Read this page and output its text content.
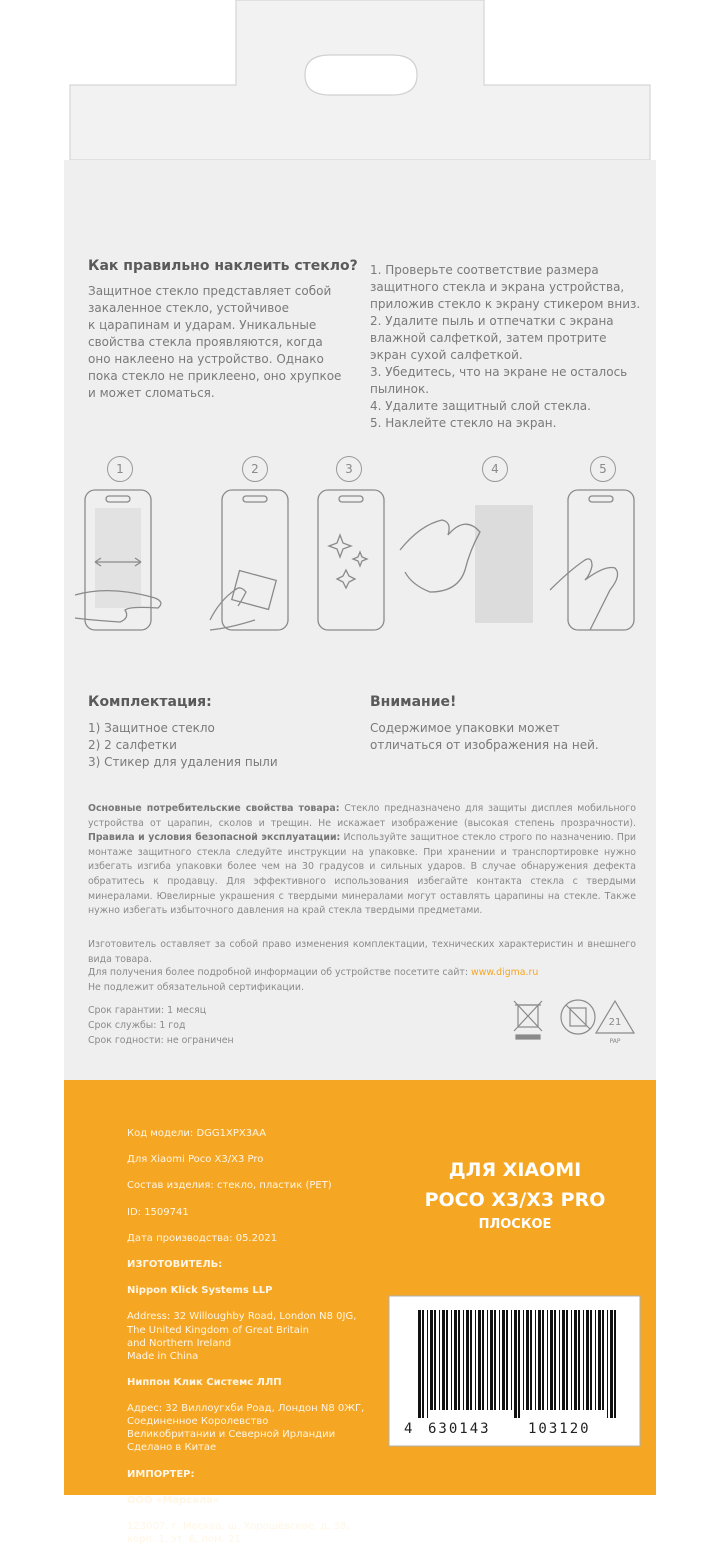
Как правильно наклеить стекло?
Защитное стекло представляет собой
закаленное стекло, устойчивое
к царапинам и ударам. Уникальные
свойства стекла проявляются, когда
оно наклеено на устройство. Однако
пока стекло не приклеено, оно хрупкое
и может сломаться.
1. Проверьте соответствие размера
защитного стекла и экрана устройства,
приложив стекло к экрану стикером вниз.
2. Удалите пыль и отпечатки с экрана
влажной салфеткой, затем протрите
экран сухой салфеткой.
3. Убедитесь, что на экране не осталось
пылинок.
4. Удалите защитный слой стекла.
5. Наклейте стекло на экран.
1	2	3	4	5
Комплектация:
1) Защитное стекло
2) 2 салфетки
3) Стикер для удаления пыли
Внимание!
Содержимое упаковки может
отличаться от изображения на ней.
Основные потребительские свойства товара: Стекло предназначено для защиты дисплея мобильного устройства от царапин, сколов и трещин. Не искажает изображение (высокая степень прозрачности). Правила и условия безопасной эксплуатации: Используйте защитное стекло строго по назначению. При монтаже защитного стекла следуйте инструкции на упаковке. При хранении и транспортировке нужно избегать изгиба упаковки более чем на 30 градусов и сильных ударов. В случае обнаружения дефекта обратитесь к продавцу. Для эффективного использования избегайте контакта стекла с твердыми минералами. Ювелирные украшения с твердыми минералами могут оставлять царапины на стекле. Также нужно избегать избыточного давления на край стекла твердыми предметами.
Изготовитель оставляет за собой право изменения комплектации, технических характеристин и внешнего вида товара.
Для получения более подробной информации об устройстве посетите сайт: www.digma.ru
Не подлежит обязательной сертификации.
Срок гарантии: 1 месяц
Срок службы: 1 год
Срок годности: не ограничен
21
PAP

Код модели: DGG1XPX3AA

Для Xiaomi Poco X3/X3 Pro

Состав изделия: стекло, пластик (PET)

ID: 1509741

Дата производства: 05.2021

ИЗГОТОВИТЕЛЬ:

Nippon Klick Systems LLP

Address: 32 Willoughby Road, London N8 0JG,
The United Kingdom of Great Britain
and Northern Ireland
Made in China

Ниппон Клик Системс ЛЛП

Адрес: 32 Виллоугхби Роад, Лондон N8 0ЖГ,
Соединенное Королевство
Великобритании и Северной Ирландии
Сделано в Китае

ИМПОРТЕР:

ООО «Марсала»

123007, г. Москва, ш. Хорошёвское, д. 38,
корп. 1, эт. 6, пом. 21

ДЛЯ XIAOMI
POCO X3/X3 PRO
ПЛОСКОЕ
4 630143	103120
